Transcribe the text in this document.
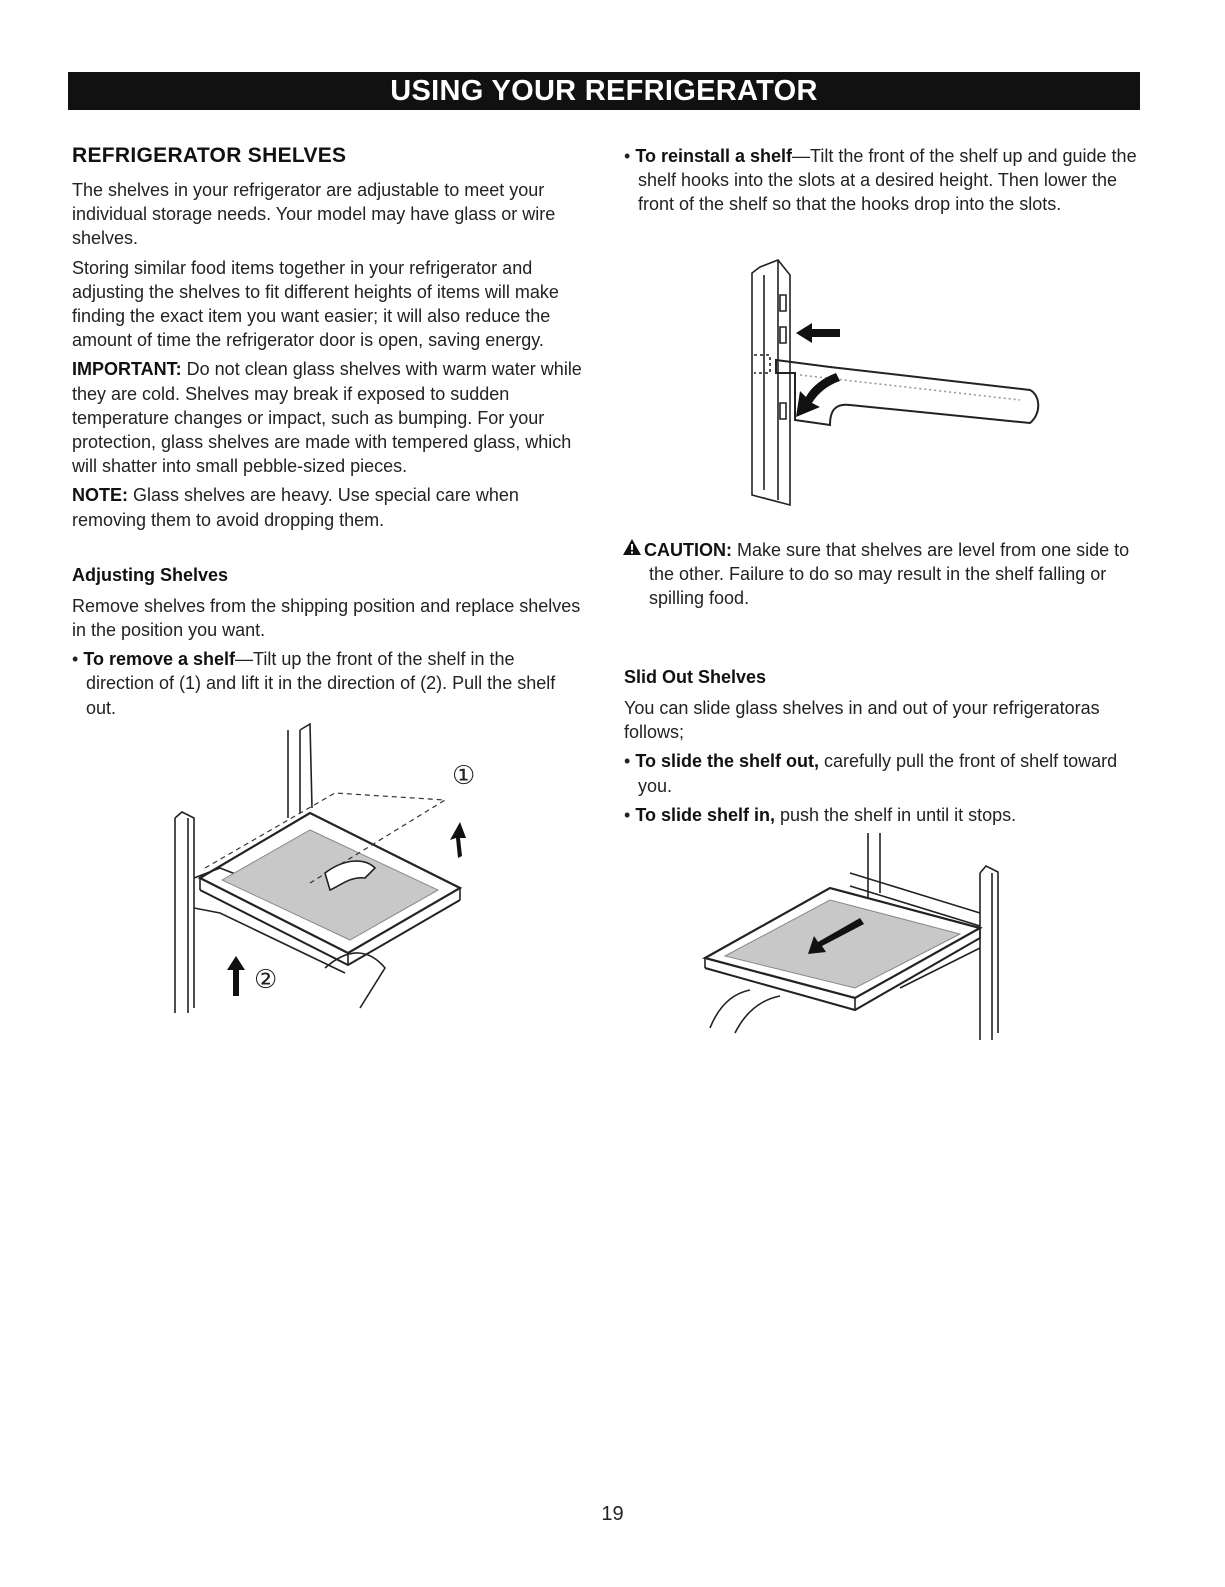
USING YOUR REFRIGERATOR
REFRIGERATOR SHELVES

The shelves in your refrigerator are adjustable to meet your individual storage needs. Your model may have glass or wire shelves.

Storing similar food items together in your refrigerator and adjusting the shelves to fit different heights of items will make finding the exact item you want easier; it will also reduce the amount of time the refrigerator door is open, saving energy.

IMPORTANT: Do not clean glass shelves with warm water while they are cold. Shelves may break if exposed to sudden temperature changes or impact, such as bumping. For your protection, glass shelves are made with tempered glass, which will shatter into small pebble-sized pieces.

NOTE: Glass shelves are heavy. Use special care when removing them to avoid dropping them.

Adjusting Shelves

Remove shelves from the shipping position and replace shelves in the position you want.

• To remove a shelf—Tilt up the front of the shelf in the direction of (1) and lift it in the direction of (2). Pull the shelf out.

①
②

• To reinstall a shelf—Tilt the front of the shelf up and guide the shelf hooks into the slots at a desired height. Then lower the front of the shelf so that the hooks drop into the slots.

CAUTION: Make sure that shelves are level from one side to the other. Failure to do so may result in the shelf falling or spilling food.

Slid Out Shelves

You can slide glass shelves in and out of your refrigeratoras follows;

• To slide the shelf out, carefully pull the front of shelf toward you.

• To slide shelf in, push the shelf in until it stops.

19
